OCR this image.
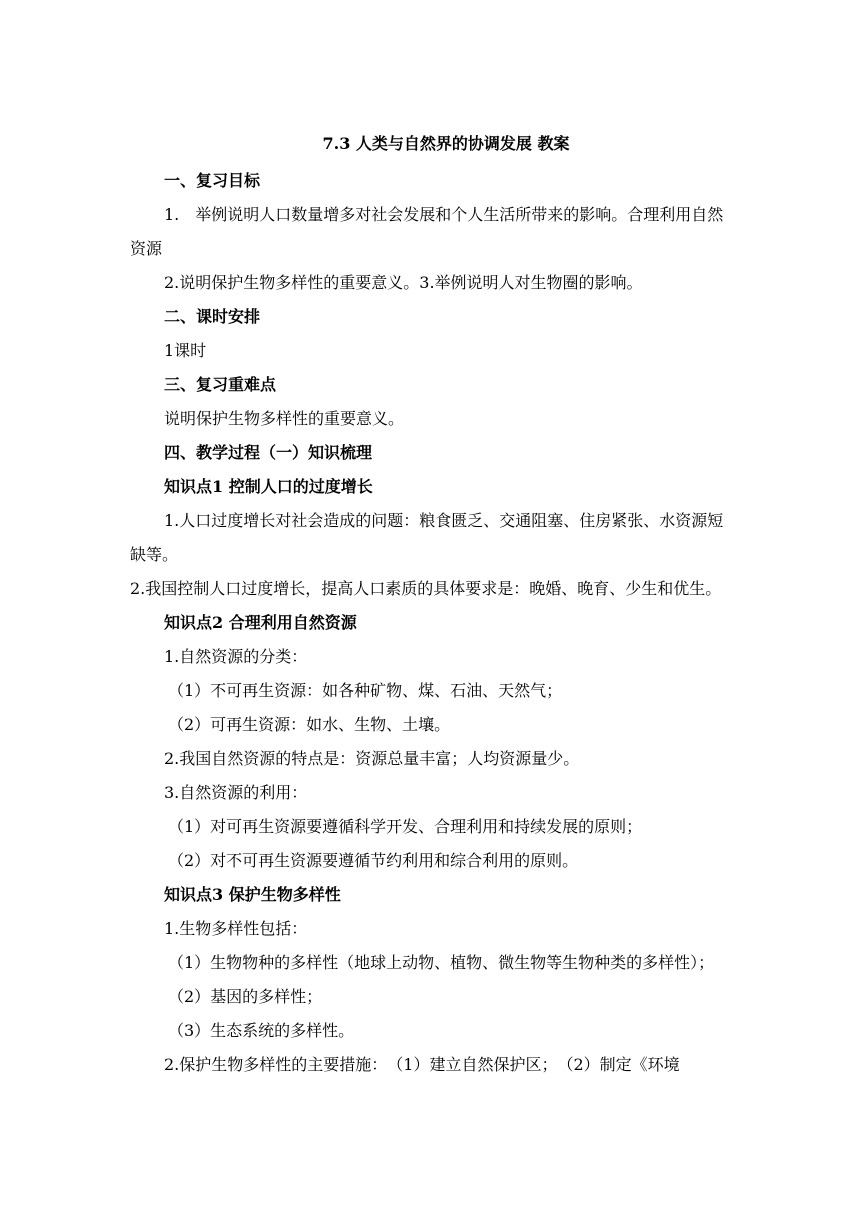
7.3 人类与自然界的协调发展 教案
一、复习目标
1.　举例说明人口数量增多对社会发展和个人生活所带来的影响。合理利用自然资源
2.说明保护生物多样性的重要意义。3.举例说明人对生物圈的影响。
二、课时安排
1课时
三、复习重难点
说明保护生物多样性的重要意义。
四、教学过程（一）知识梳理
知识点1 控制人口的过度增长
1.人口过度增长对社会造成的问题：粮食匮乏、交通阻塞、住房紧张、水资源短缺等。
2.我国控制人口过度增长，提高人口素质的具体要求是：晚婚、晚育、少生和优生。
知识点2 合理利用自然资源
1.自然资源的分类：
（1）不可再生资源：如各种矿物、煤、石油、天然气；
（2）可再生资源：如水、生物、土壤。
2.我国自然资源的特点是：资源总量丰富；人均资源量少。
3.自然资源的利用：
（1）对可再生资源要遵循科学开发、合理利用和持续发展的原则；
（2）对不可再生资源要遵循节约利用和综合利用的原则。
知识点3 保护生物多样性
1.生物多样性包括：
（1）生物物种的多样性（地球上动物、植物、微生物等生物种类的多样性）；
（2）基因的多样性；
（3）生态系统的多样性。
2.保护生物多样性的主要措施：　（1）建立自然保护区；　（2）制定《环境
